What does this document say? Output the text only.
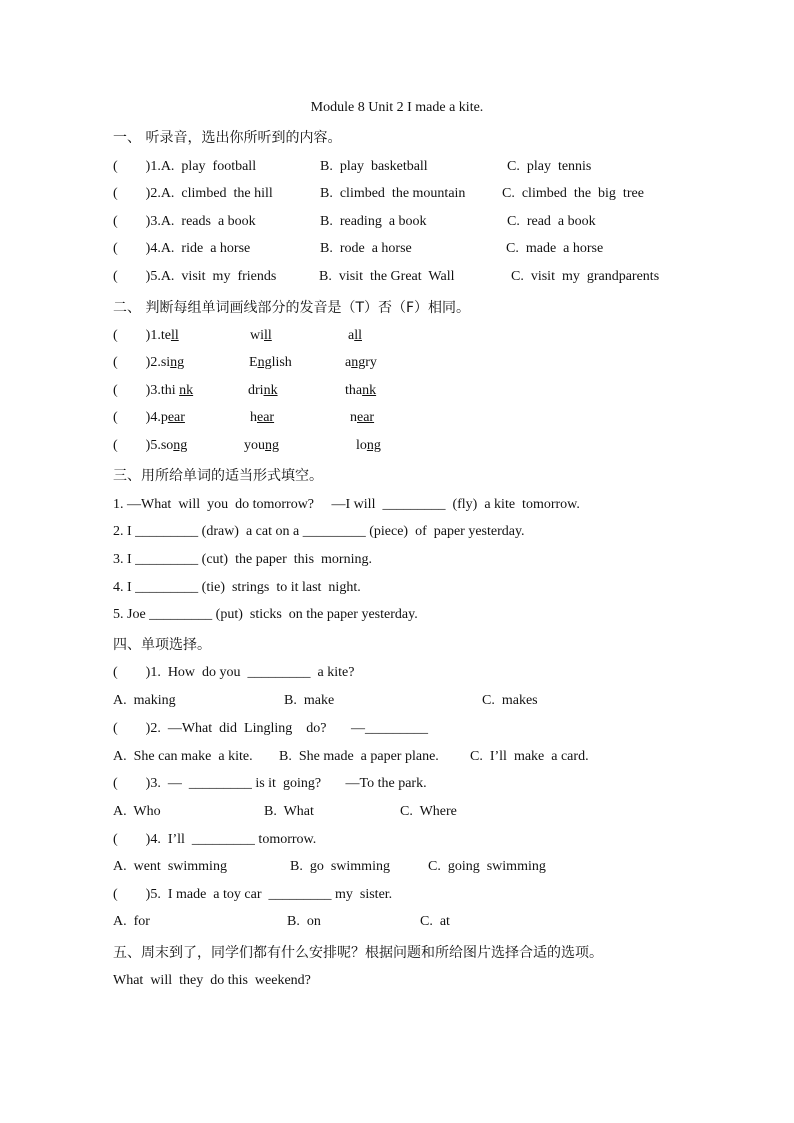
Module 8 Unit 2 I made a kite.
一、 听录音，选出你所听到的内容。
(        )1.A.  play  football	B.  play  basketball	C.  play  tennis
(        )2.A.  climbed  the hill	B.  climbed  the mountain	C.  climbed  the  big  tree
(        )3.A.  reads  a book	B.  reading  a book	C.  read  a book
(        )4.A.  ride  a horse	B.  rode  a horse	C.  made  a horse
(        )5.A.  visit  my  friends	B.  visit  the Great  Wall	C.  visit  my  grandparents
二、 判断每组单词画线部分的发音是（T）否（F）相同。
(        )1.tell	will	all
(        )2.sing	English	angry
(        )3.thi nk	drink	thank
(        )4.pear	hear	near
(        )5.song	young	long
三、用所给单词的适当形式填空。
1. —What  will  you  do tomorrow?     —I will  _________  (fly)  a kite  tomorrow.
2. I _________ (draw)  a cat on a _________ (piece)  of  paper yesterday.
3. I _________ (cut)  the paper  this  morning.
4. I _________ (tie)  strings  to it last  night.
5. Joe _________ (put)  sticks  on the paper yesterday.
四、单项选择。
(        )1.  How  do you  _________  a kite?
A.  making	B.  make	C.  makes
(        )2.  —What  did  Lingling    do?       —_________
A.  She can make  a kite. B.  She made  a paper plane. C.  I’ll  make  a card.
(        )3.  —  _________ is it  going?       —To the park.
A.  Who	B.  What	C.  Where
(        )4.  I’ll  _________ tomorrow.
A.  went  swimming	B.  go  swimming	C.  going  swimming
(        )5.  I made  a toy car  _________ my  sister.
A.  for	B.  on	C.  at
五、周末到了，同学们都有什么安排呢？根据问题和所给图片选择合适的选项。
What  will  they  do this  weekend?
